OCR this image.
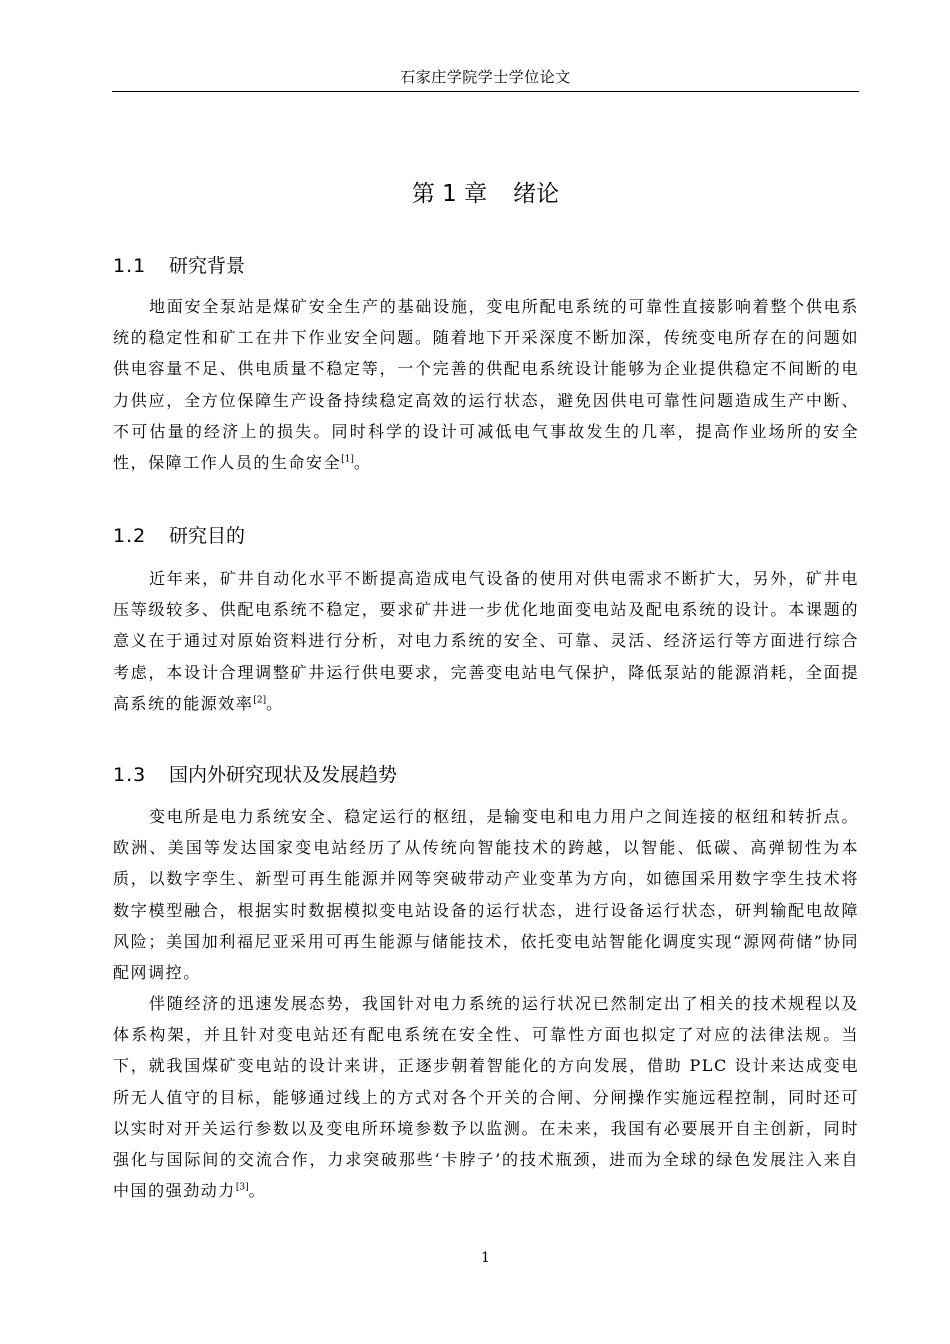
石家庄学院学士学位论文
第 1 章 绪论
1.1 研究背景

地面安全泵站是煤矿安全生产的基础设施，变电所配电系统的可靠性直接影响着整个供电系统的稳定性和矿工在井下作业安全问题。随着地下开采深度不断加深，传统变电所存在的问题如供电容量不足、供电质量不稳定等，一个完善的供配电系统设计能够为企业提供稳定不间断的电力供应，全方位保障生产设备持续稳定高效的运行状态，避免因供电可靠性问题造成生产中断、不可估量的经济上的损失。同时科学的设计可减低电气事故发生的几率，提高作业场所的安全性，保障工作人员的生命安全[1]。

1.2 研究目的

近年来，矿井自动化水平不断提高造成电气设备的使用对供电需求不断扩大，另外，矿井电压等级较多、供配电系统不稳定，要求矿井进一步优化地面变电站及配电系统的设计。本课题的意义在于通过对原始资料进行分析，对电力系统的安全、可靠、灵活、经济运行等方面进行综合考虑，本设计合理调整矿井运行供电要求，完善变电站电气保护，降低泵站的能源消耗，全面提高系统的能源效率[2]。

1.3 国内外研究现状及发展趋势

变电所是电力系统安全、稳定运行的枢纽，是输变电和电力用户之间连接的枢纽和转折点。欧洲、美国等发达国家变电站经历了从传统向智能技术的跨越，以智能、低碳、高弹韧性为本质，以数字孪生、新型可再生能源并网等突破带动产业变革为方向，如德国采用数字孪生技术将数字模型融合，根据实时数据模拟变电站设备的运行状态，进行设备运行状态，研判输配电故障风险；美国加利福尼亚采用可再生能源与储能技术，依托变电站智能化调度实现“源网荷储”协同配网调控。

伴随经济的迅速发展态势，我国针对电力系统的运行状况已然制定出了相关的技术规程以及体系构架，并且针对变电站还有配电系统在安全性、可靠性方面也拟定了对应的法律法规。当下，就我国煤矿变电站的设计来讲，正逐步朝着智能化的方向发展，借助 PLC 设计来达成变电所无人值守的目标，能够通过线上的方式对各个开关的合闸、分闸操作实施远程控制，同时还可以实时对开关运行参数以及变电所环境参数予以监测。在未来，我国有必要展开自主创新，同时强化与国际间的交流合作，力求突破那些‘卡脖子’的技术瓶颈，进而为全球的绿色发展注入来自中国的强劲动力[3]。

1
